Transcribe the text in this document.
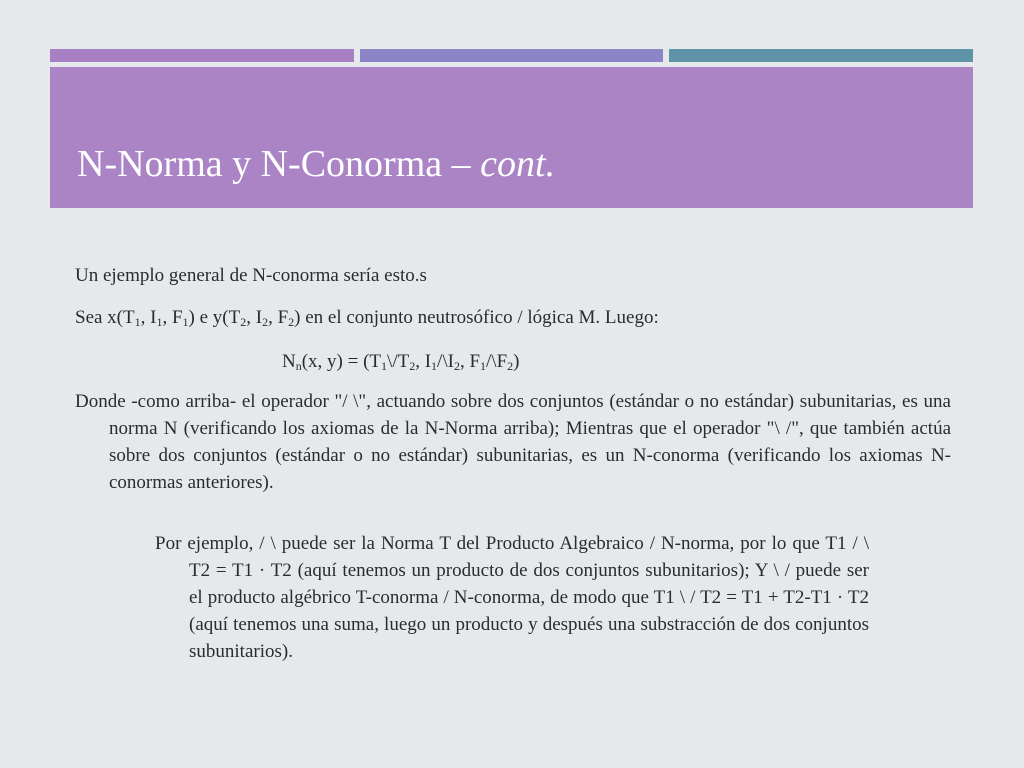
N-Norma y N-Conorma – cont.
Un ejemplo general de N-conorma sería esto.s
Sea $x(T_1$, $I_1$, $F_1$) e $y(T_2$, $I_2$, $F_2$) en el conjunto neutrosófico / lógica M. Luego:
$N_n(x$, $y) = (T_1\backslash/T_2$, $I_1/\backslash I_2$, $F_1/\backslash F_2$)
Donde -como arriba- el operador "/ \", actuando sobre dos conjuntos (estándar o no estándar) subunitarias, es una norma N (verificando los axiomas de la N-Norma arriba); Mientras que el operador "\ /", que también actúa sobre dos conjuntos (estándar o no estándar) subunitarias, es un N-conorma (verificando los axiomas N-conormas anteriores).
Por ejemplo, / \ puede ser la Norma T del Producto Algebraico / N-norma, por lo que T1 / \ T2 = T1 · T2 (aquí tenemos un producto de dos conjuntos subunitarios); Y \ / puede ser el producto algébrico T-conorma / N-conorma, de modo que T1 \ / T2 = T1 + T2-T1 · T2 (aquí tenemos una suma, luego un producto y después una substracción de dos conjuntos subunitarios).
